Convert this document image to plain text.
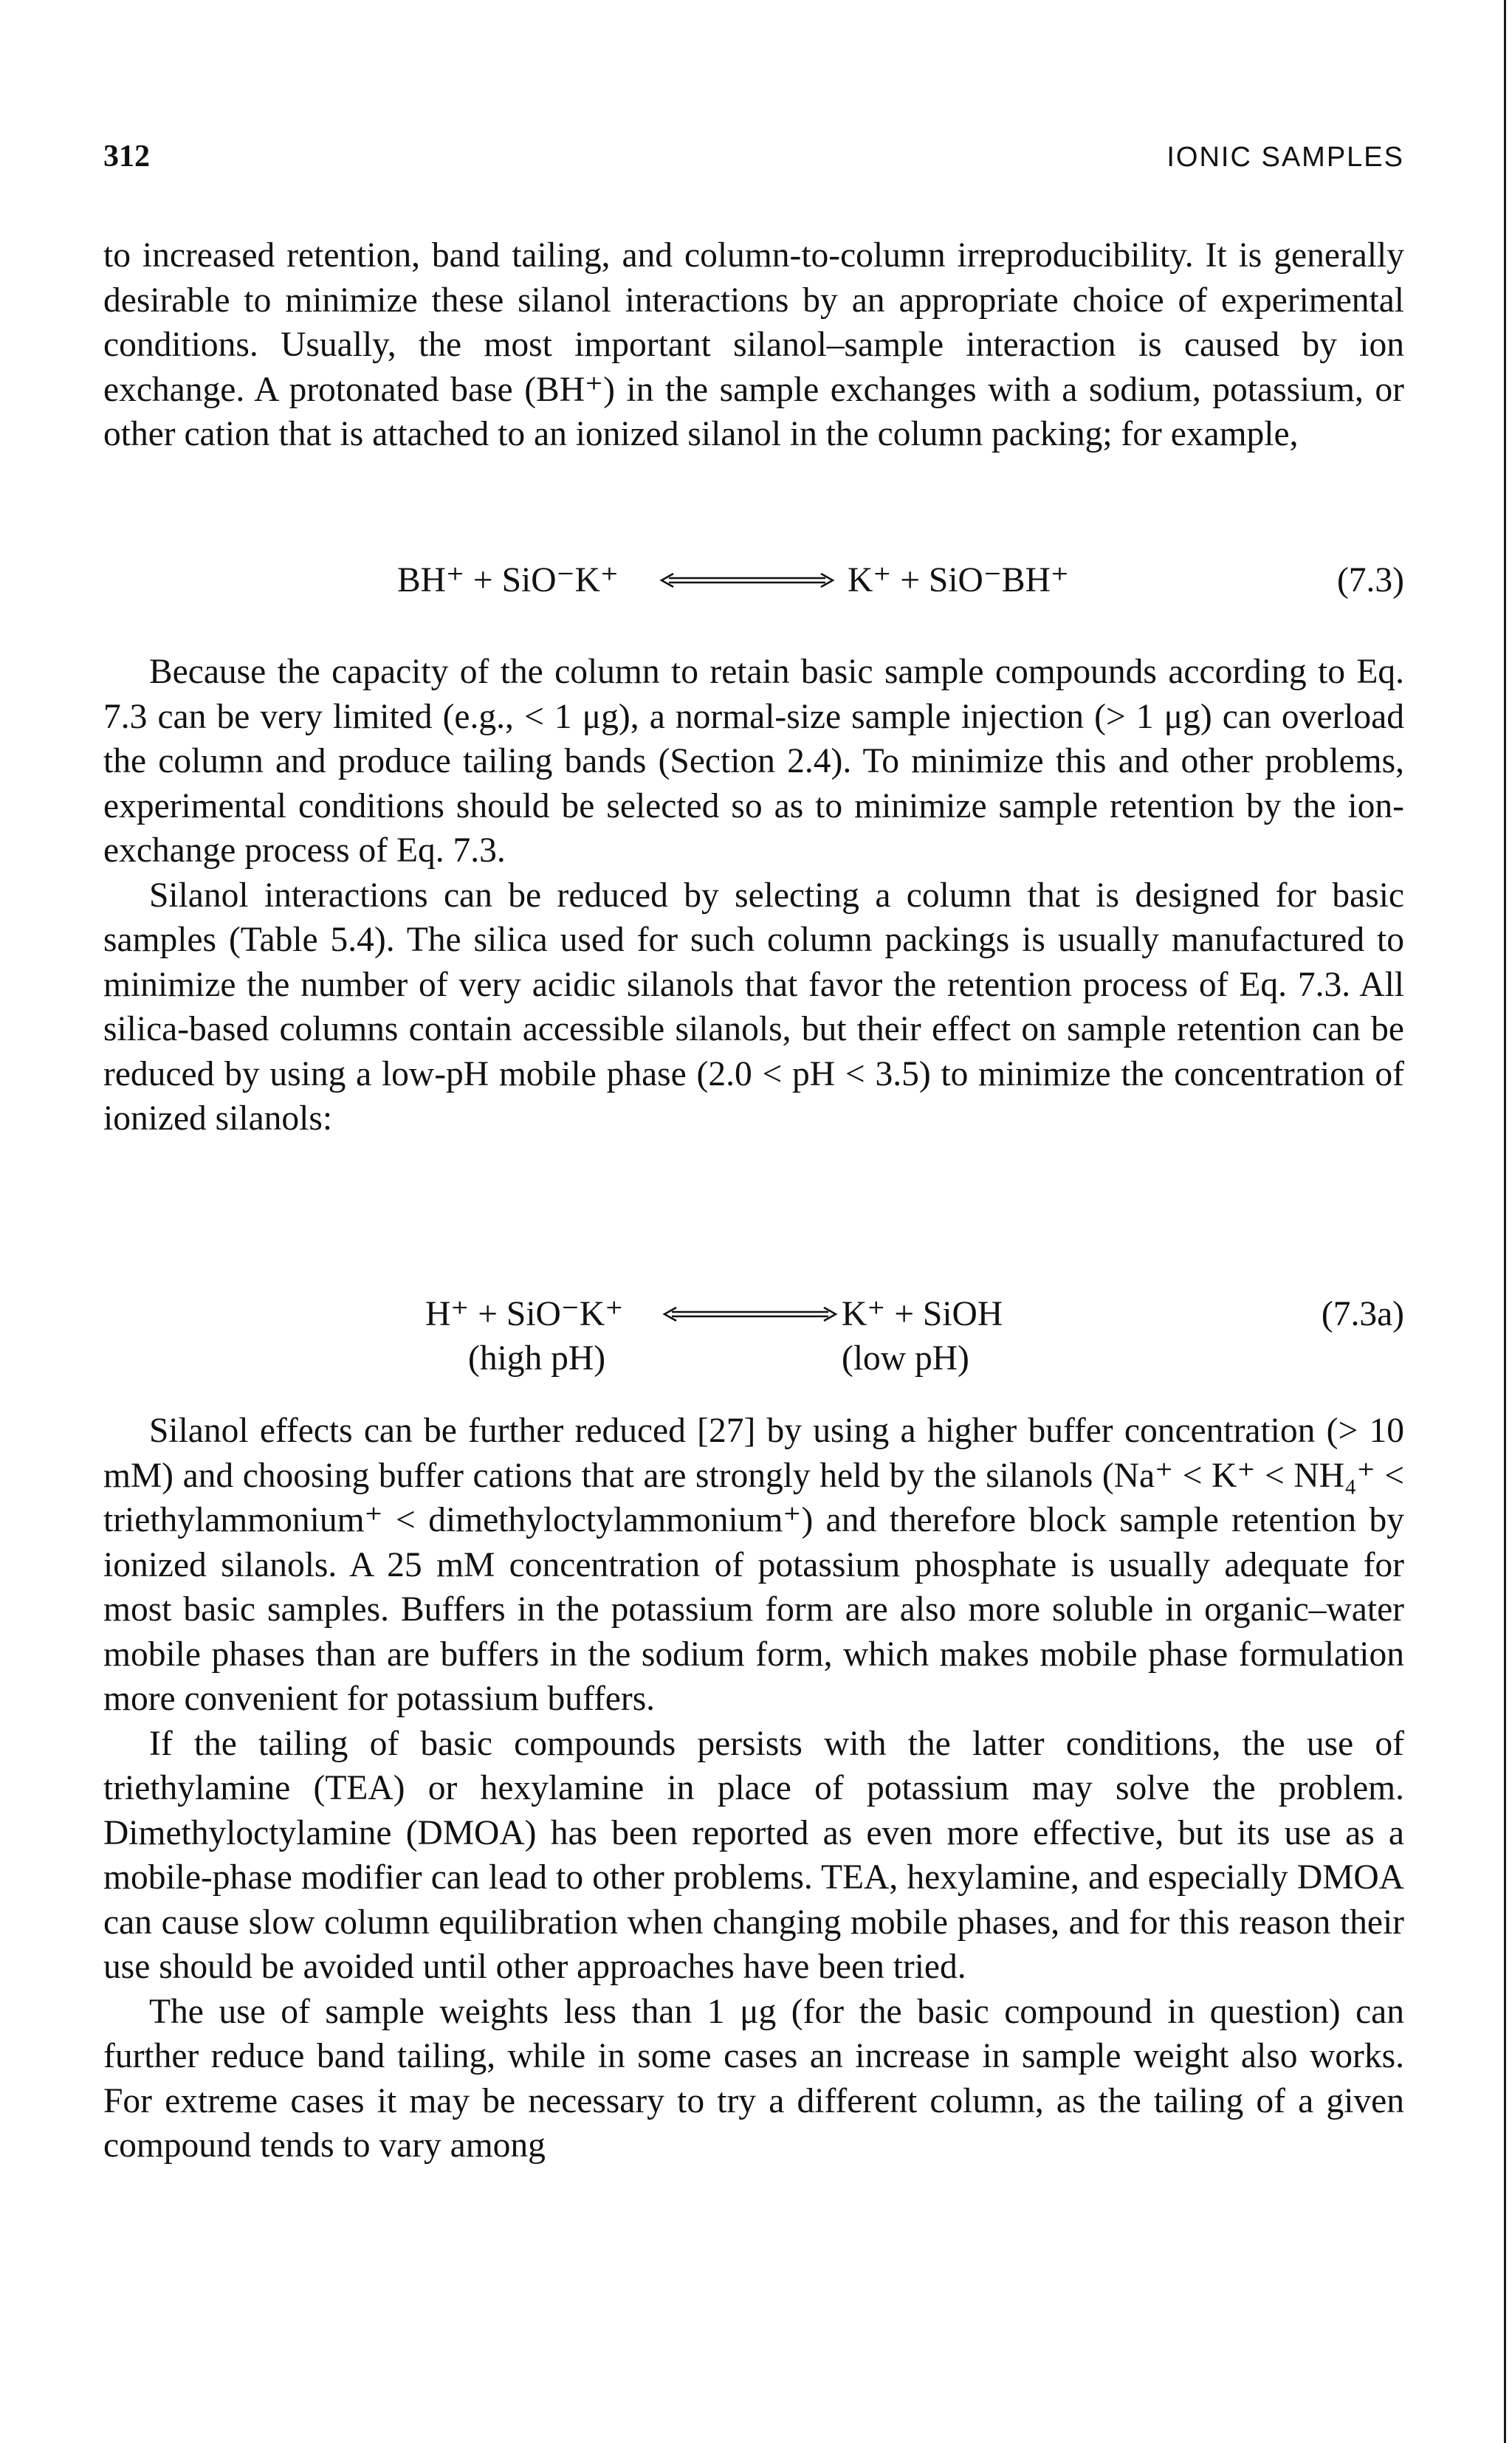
312	IONIC SAMPLES

to increased retention, band tailing, and column-to-column irreproducibility. It is generally desirable to minimize these silanol interactions by an appropriate choice of experimental conditions. Usually, the most important silanol–sample interaction is caused by ion exchange. A protonated base (BH⁺) in the sample exchanges with a sodium, potassium, or other cation that is attached to an ionized silanol in the column packing; for example,

BH⁺ + SiO⁻K⁺	K⁺ + SiO⁻BH⁺	(7.3)

Because the capacity of the column to retain basic sample compounds according to Eq. 7.3 can be very limited (e.g., < 1 μg), a normal-size sample injection (> 1 μg) can overload the column and produce tailing bands (Section 2.4). To minimize this and other problems, experimental conditions should be selected so as to minimize sample retention by the ion-exchange process of Eq. 7.3.

Silanol interactions can be reduced by selecting a column that is designed for basic samples (Table 5.4). The silica used for such column packings is usually manufactured to minimize the number of very acidic silanols that favor the retention process of Eq. 7.3. All silica-based columns contain accessible silanols, but their effect on sample retention can be reduced by using a low-pH mobile phase (2.0 < pH < 3.5) to minimize the concentration of ionized silanols:

H⁺ + SiO⁻K⁺	K⁺ + SiOH
(high pH)	(low pH)
(7.3a)

Silanol effects can be further reduced [27] by using a higher buffer concentration (> 10 mM) and choosing buffer cations that are strongly held by the silanols (Na⁺ < K⁺ < NH₄⁺ < triethylammonium⁺ < dimethyloctylammonium⁺) and therefore block sample retention by ionized silanols. A 25 mM concentration of potassium phosphate is usually adequate for most basic samples. Buffers in the potassium form are also more soluble in organic–water mobile phases than are buffers in the sodium form, which makes mobile phase formulation more convenient for potassium buffers.

If the tailing of basic compounds persists with the latter conditions, the use of triethylamine (TEA) or hexylamine in place of potassium may solve the problem. Dimethyloctylamine (DMOA) has been reported as even more effective, but its use as a mobile-phase modifier can lead to other problems. TEA, hexylamine, and especially DMOA can cause slow column equilibration when changing mobile phases, and for this reason their use should be avoided until other approaches have been tried.

The use of sample weights less than 1 μg (for the basic compound in question) can further reduce band tailing, while in some cases an increase in sample weight also works. For extreme cases it may be necessary to try a different column, as the tailing of a given compound tends to vary among
